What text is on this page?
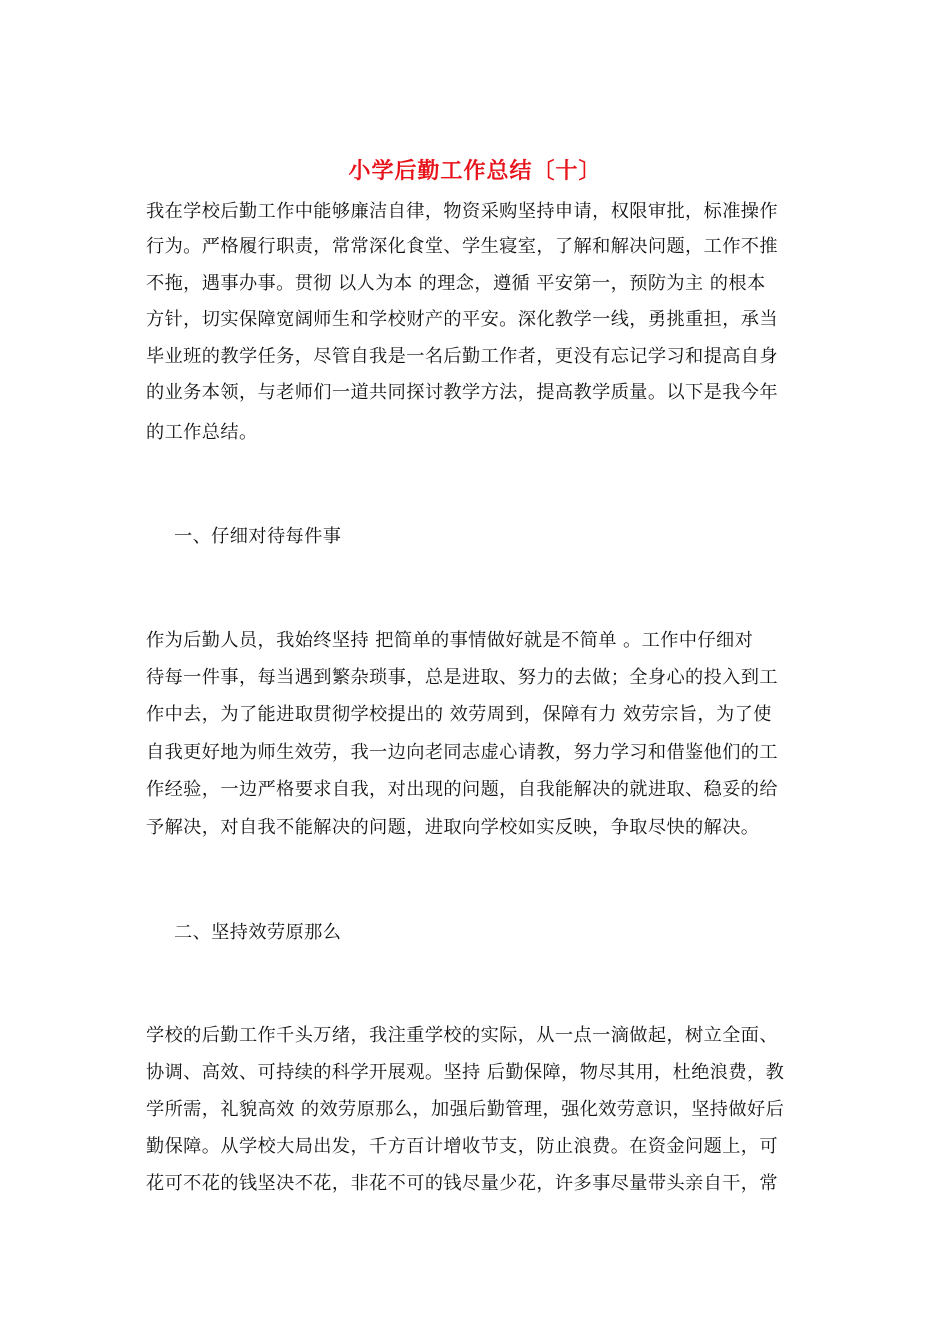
小学后勤工作总结〔十〕
我在学校后勤工作中能够廉洁自律，物资采购坚持申请，权限审批，标准操作
行为。严格履行职责，常常深化食堂、学生寝室，了解和解决问题，工作不推
不拖，遇事办事。贯彻 以人为本 的理念，遵循 平安第一，预防为主 的根本
方针，切实保障宽阔师生和学校财产的平安。深化教学一线，勇挑重担，承当
毕业班的教学任务，尽管自我是一名后勤工作者，更没有忘记学习和提高自身
的业务本领，与老师们一道共同探讨教学方法，提高教学质量。以下是我今年
的工作总结。
一、仔细对待每件事
作为后勤人员，我始终坚持 把简单的事情做好就是不简单 。工作中仔细对
待每一件事，每当遇到繁杂琐事，总是进取、努力的去做；全身心的投入到工
作中去，为了能进取贯彻学校提出的 效劳周到，保障有力 效劳宗旨，为了使
自我更好地为师生效劳，我一边向老同志虚心请教，努力学习和借鉴他们的工
作经验，一边严格要求自我，对出现的问题，自我能解决的就进取、稳妥的给
予解决，对自我不能解决的问题，进取向学校如实反映，争取尽快的解决。
二、坚持效劳原那么
学校的后勤工作千头万绪，我注重学校的实际，从一点一滴做起，树立全面、
协调、高效、可持续的科学开展观。坚持 后勤保障，物尽其用，杜绝浪费，教
学所需，礼貌高效 的效劳原那么，加强后勤管理，强化效劳意识，坚持做好后
勤保障。从学校大局出发，千方百计增收节支，防止浪费。在资金问题上，可
花可不花的钱坚决不花，非花不可的钱尽量少花，许多事尽量带头亲自干，常
